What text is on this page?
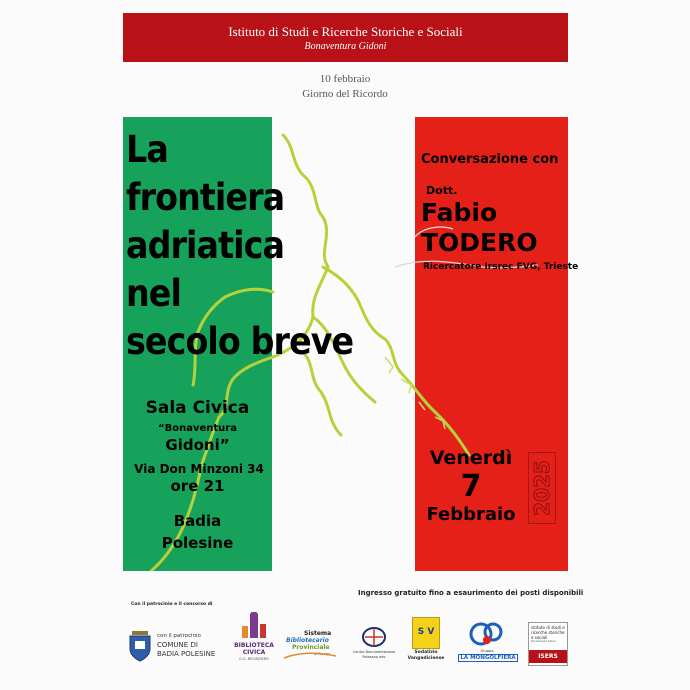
Istituto di Studi e Ricerche Storiche e Sociali
Bonaventura Gidoni
10 febbraio
Giorno del Ricordo
La
frontiera
adriatica
nel
secolo breve
Sala Civica
“Bonaventura
Gidoni”
Via Don Minzoni 34
ore 21
Badia
Polesine
Conversazione con
Dott.
Fabio
TODERO
Ricercatore Irsrec FVG, Trieste
Venerdì
7
Febbraio 2025
Ingresso gratuito fino a esaurimento dei posti disponibili
Con il patrocinio e il concorso di
con il patrocinio
COMUNE DI
BADIA POLESINE
BIBLIOTECA
CIVICA
G.G. BRONZIERO
Sistema
Bibliotecario
Provinciale
di Rovigo	Centro Documentazione
Polesano odv
S V
Sodalizio
Vangadiciense
Gruppo
LA MONGOLFIERA
istituto di studi e
ricerche storiche
e sociali
Bonaventura Gidoni
ISERS
